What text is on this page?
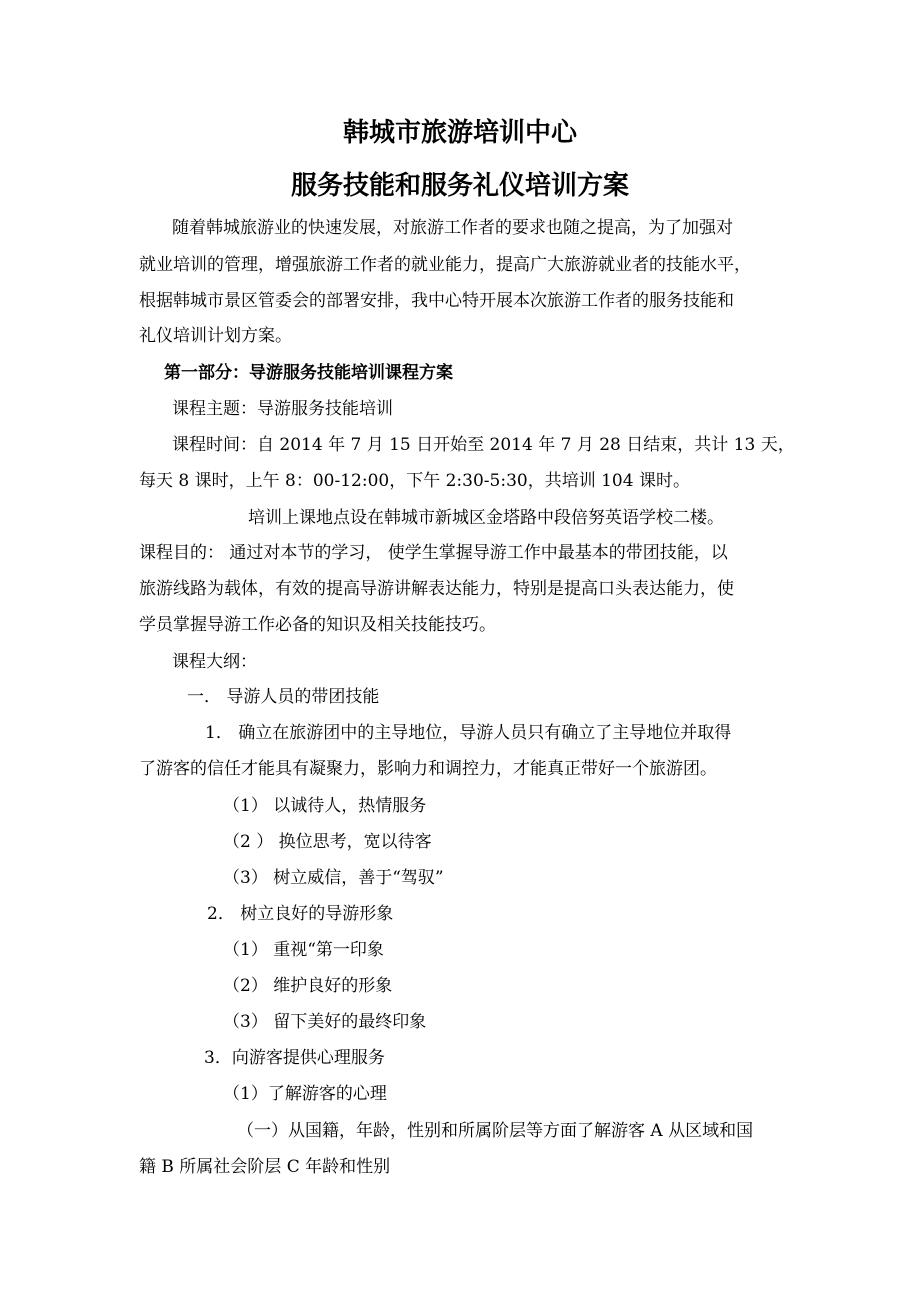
韩城市旅游培训中心
服务技能和服务礼仪培训方案

随着韩城旅游业的快速发展，对旅游工作者的要求也随之提高，为了加强对

就业培训的管理，增强旅游工作者的就业能力，提高广大旅游就业者的技能水平，

根据韩城市景区管委会的部署安排，我中心特开展本次旅游工作者的服务技能和

礼仪培训计划方案。

第一部分：导游服务技能培训课程方案

课程主题：导游服务技能培训

课程时间：自 2014 年 7 月 15 日开始至 2014 年 7 月 28 日结束，共计 13 天，

每天 8 课时，上午 8：00-12:00，下午 2:30-5:30，共培训 104 课时。

培训上课地点设在韩城市新城区金塔路中段倍努英语学校二楼。

课程目的： 通过对本节的学习， 使学生掌握导游工作中最基本的带团技能，以

旅游线路为载体，有效的提高导游讲解表达能力，特别是提高口头表达能力，使

学员掌握导游工作必备的知识及相关技能技巧。

课程大纲：

一． 导游人员的带团技能

1． 确立在旅游团中的主导地位，导游人员只有确立了主导地位并取得

了游客的信任才能具有凝聚力，影响力和调控力，才能真正带好一个旅游团。

（1） 以诚待人，热情服务

（2 ） 换位思考，宽以待客

（3） 树立威信，善于“驾驭”

2． 树立良好的导游形象

（1） 重视“第一印象

（2） 维护良好的形象

（3） 留下美好的最终印象

3．向游客提供心理服务

（1）了解游客的心理

（一）从国籍，年龄，性别和所属阶层等方面了解游客 A 从区域和国

籍 B 所属社会阶层 C 年龄和性别
